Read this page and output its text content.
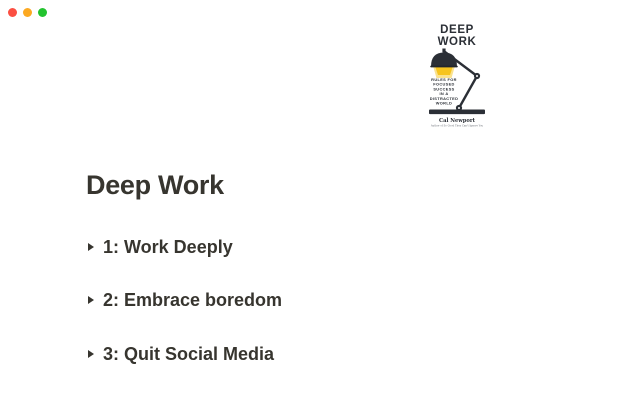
DEEP
WORK
RULES FOR
FOCUSED
SUCCESS
IN A
DISTRACTED
WORLD
Cal Newport
Author of So Good They Can't Ignore You
Deep Work
1: Work Deeply
2: Embrace boredom
3: Quit Social Media
